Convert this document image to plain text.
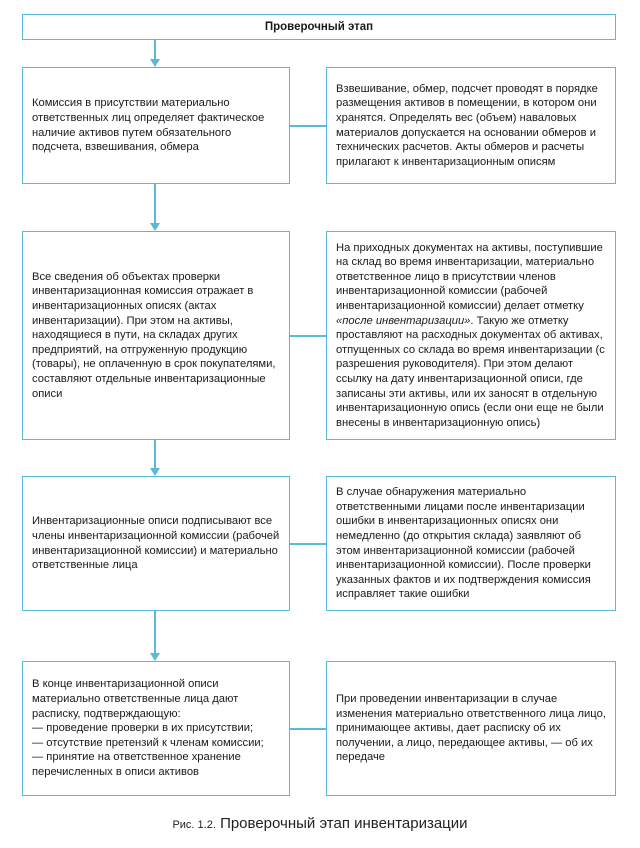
Проверочный этап
Комиссия в присутствии материально ответственных лиц определяет фактическое наличие активов путем обязательного подсчета, взвешивания, обмера
Взвешивание, обмер, подсчет проводят в порядке размещения активов в помещении, в котором они хранятся. Определять вес (объем) наваловых материалов допускается на основании обмеров и технических расчетов. Акты обмеров и расчеты прилагают к инвентаризационным описям
Все сведения об объектах проверки инвентаризационная комиссия отражает в инвентаризационных описях (актах инвентаризации). При этом на активы, находящиеся в пути, на складах других предприятий, на отгруженную продукцию (товары), не оплаченную в срок покупателями, составляют отдельные инвентаризационные описи
На приходных документах на активы, поступившие на склад во время инвентаризации, материально ответственное лицо в присутствии членов инвентаризационной комиссии (рабочей инвентаризационной комиссии) делает отметку «после инвентаризации». Такую же отметку проставляют на расходных документах об активах, отпущенных со склада во время инвентаризации (с разрешения руководителя). При этом делают ссылку на дату инвентаризационной описи, где записаны эти активы, или их заносят в отдельную инвентаризационную опись (если они еще не были внесены в инвентаризационную опись)
Инвентаризационные описи подписывают все члены инвентаризационной комиссии (рабочей инвентаризационной комиссии) и материально ответственные лица
В случае обнаружения материально ответственными лицами после инвентаризации ошибки в инвентаризационных описях они немедленно (до открытия склада) заявляют об этом инвентаризационной комиссии (рабочей инвентаризационной комиссии). После проверки указанных фактов и их подтверждения комиссия исправляет такие ошибки
В конце инвентаризационной описи материально ответственные лица дают расписку, подтверждающую:
— проведение проверки в их присутствии;
— отсутствие претензий к членам комиссии;
— принятие на ответственное хранение перечисленных в описи активов
При проведении инвентаризации в случае изменения материально ответственного лица лицо, принимающее активы, дает расписку об их получении, а лицо, передающее активы, — об их передаче
Рис. 1.2. Проверочный этап инвентаризации
